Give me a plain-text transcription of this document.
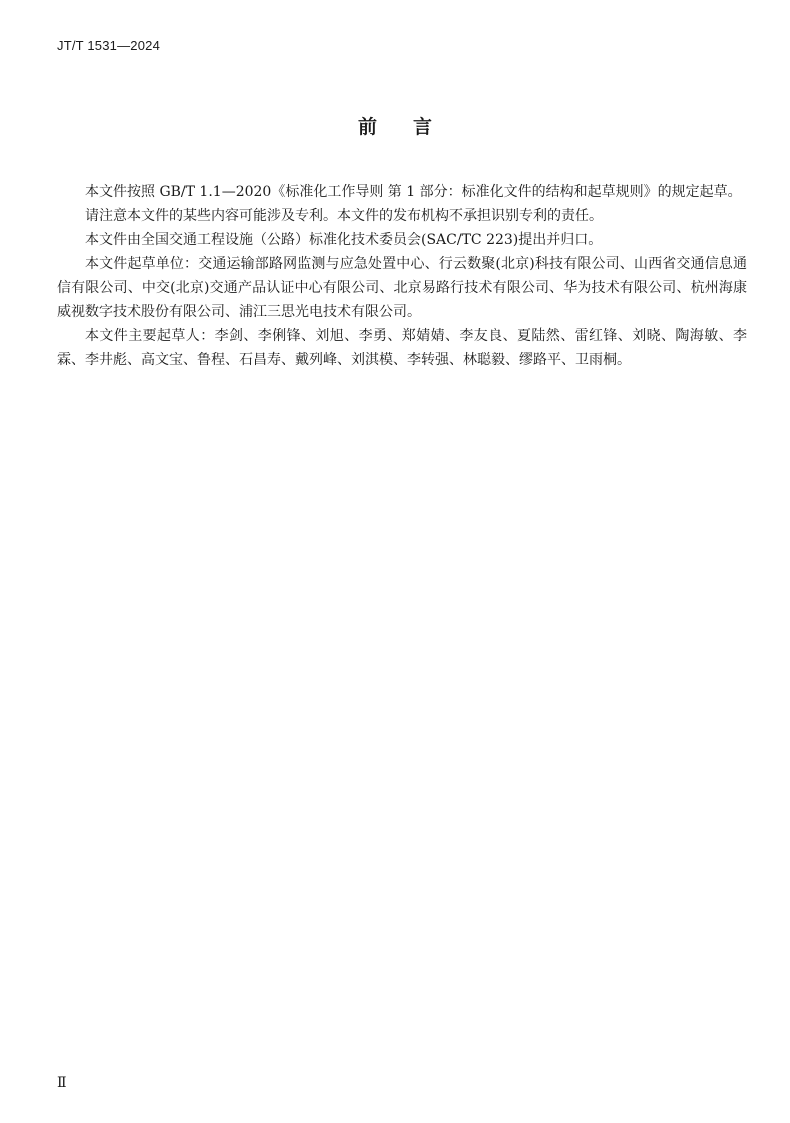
JT/T 1531—2024
前言

本文件按照 GB/T 1.1—2020《标准化工作导则 第 1 部分：标准化文件的结构和起草规则》的规定起草。

请注意本文件的某些内容可能涉及专利。本文件的发布机构不承担识别专利的责任。

本文件由全国交通工程设施（公路）标准化技术委员会(SAC/TC 223)提出并归口。

本文件起草单位：交通运输部路网监测与应急处置中心、行云数聚(北京)科技有限公司、山西省交通信息通信有限公司、中交(北京)交通产品认证中心有限公司、北京易路行技术有限公司、华为技术有限公司、杭州海康威视数字技术股份有限公司、浦江三思光电技术有限公司。

本文件主要起草人：李剑、李俐锋、刘旭、李勇、郑婧婧、李友良、夏陆然、雷红锋、刘晓、陶海敏、李霖、李井彪、高文宝、鲁程、石昌寿、戴列峰、刘淇模、李转强、林聪毅、缪路平、卫雨桐。

Ⅱ
